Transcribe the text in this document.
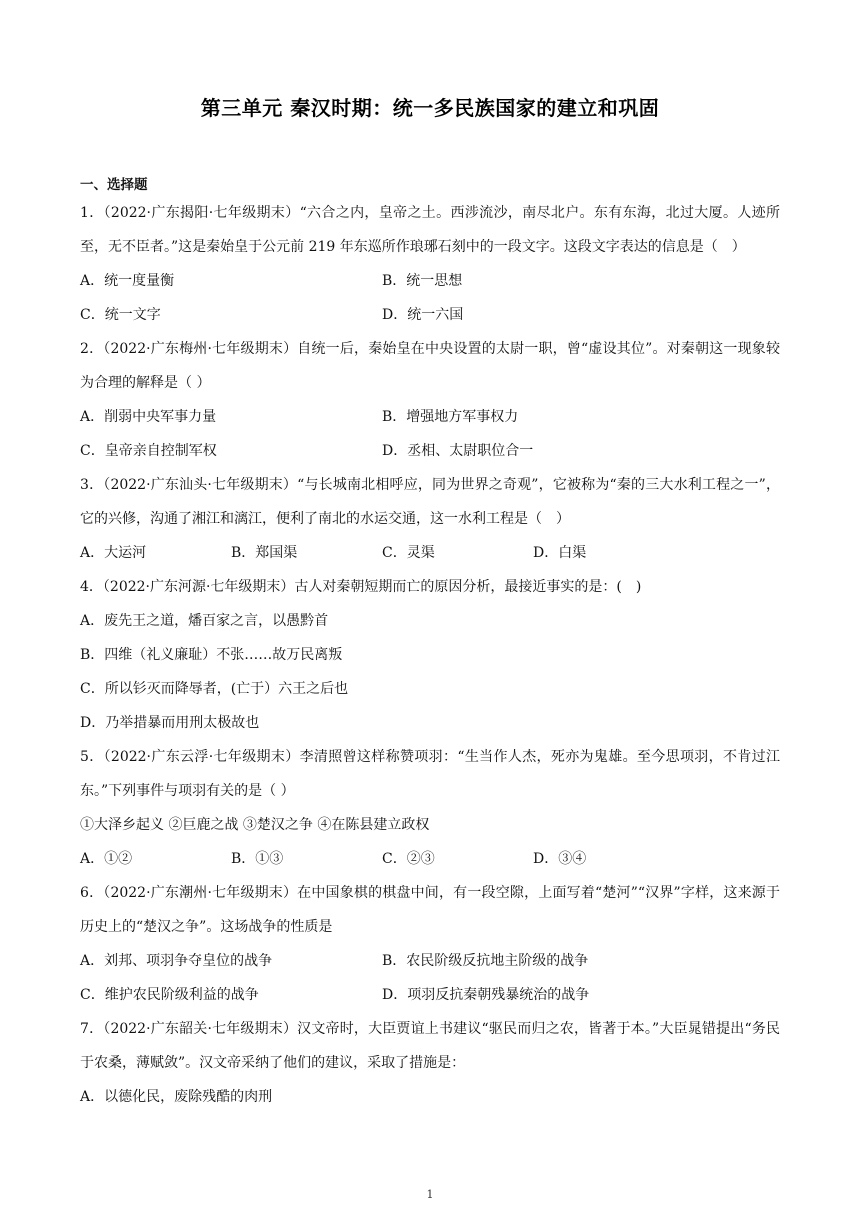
第三单元 秦汉时期：统一多民族国家的建立和巩固
一、选择题

1．（2022·广东揭阳·七年级期末）“六合之内，皇帝之土。西涉流沙，南尽北户。东有东海，北过大厦。人迹所至，无不臣者。”这是秦始皇于公元前 219 年东巡所作琅琊石刻中的一段文字。这段文字表达的信息是（　）

A．统一度量衡	B．统一思想
C．统一文字	D．统一六国

2．（2022·广东梅州·七年级期末）自统一后，秦始皇在中央设置的太尉一职，曾“虚设其位”。对秦朝这一现象较为合理的解释是（ ）

A．削弱中央军事力量	B．增强地方军事权力
C．皇帝亲自控制军权	D．丞相、太尉职位合一

3．（2022·广东汕头·七年级期末）“与长城南北相呼应，同为世界之奇观”，它被称为“秦的三大水利工程之一”，它的兴修，沟通了湘江和漓江，便利了南北的水运交通，这一水利工程是（　）

A．大运河	B．郑国渠	C．灵渠	D．白渠

4．（2022·广东河源·七年级期末）古人对秦朝短期而亡的原因分析，最接近事实的是：(　)

A．废先王之道，燔百家之言，以愚黔首

B．四维（礼义廉耻）不张……故万民离叛

C．所以钐灭而降辱者，(亡于）六王之后也

D．乃举措暴而用刑太极故也

5．（2022·广东云浮·七年级期末）李清照曾这样称赞项羽：“生当作人杰，死亦为鬼雄。至今思项羽，不肯过江东。”下列事件与项羽有关的是（ ）

①大泽乡起义 ②巨鹿之战 ③楚汉之争 ④在陈县建立政权

A．①②	B．①③	C．②③	D．③④

6．（2022·广东潮州·七年级期末）在中国象棋的棋盘中间，有一段空隙，上面写着“楚河”“汉界”字样，这来源于历史上的“楚汉之争”。这场战争的性质是

A．刘邦、项羽争夺皇位的战争	B．农民阶级反抗地主阶级的战争
C．维护农民阶级利益的战争	D．项羽反抗秦朝残暴统治的战争

7．（2022·广东韶关·七年级期末）汉文帝时，大臣贾谊上书建议“驱民而归之农，皆著于本。”大臣晁错提出“务民于农桑，薄赋敛”。汉文帝采纳了他们的建议，采取了措施是：

A．以德化民，废除残酷的肉刑

1
